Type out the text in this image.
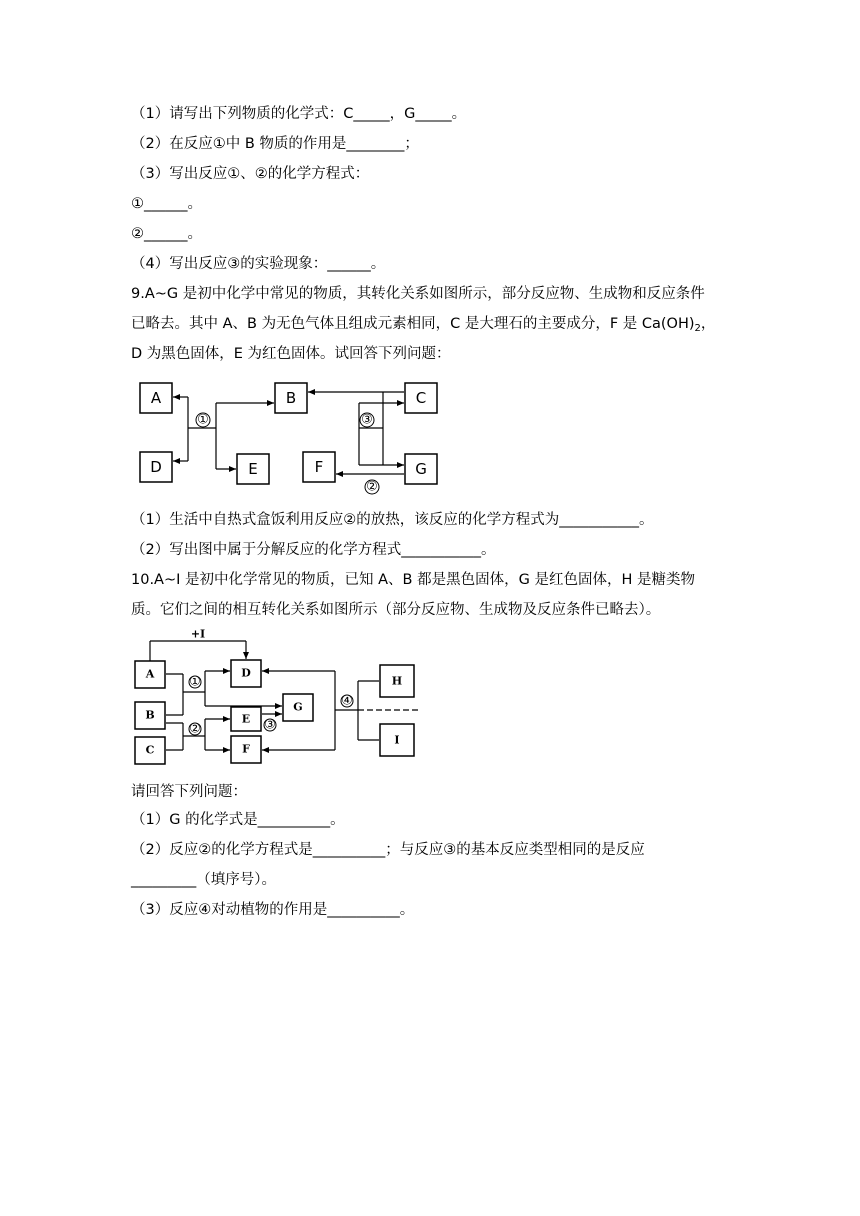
（1）请写出下列物质的化学式：C_____，G_____。
（2）在反应①中 B 物质的作用是________；
（3）写出反应①、②的化学方程式：
①______。
②______。
（4）写出反应③的实验现象：______。
9.A~G 是初中化学中常见的物质，其转化关系如图所示，部分反应物、生成物和反应条件
已略去。其中 A、B 为无色气体且组成元素相同，C 是大理石的主要成分，F 是 $Ca(OH)_2$，
D 为黑色固体，E 为红色固体。试回答下列问题：
A	B	C
D	E	F	G
①	③
②
（1）生活中自热式盒饭利用反应②的放热，该反应的化学方程式为___________。
（2）写出图中属于分解反应的化学方程式___________。
10.A~I 是初中化学常见的物质，已知 A、B 都是黑色固体，G 是红色固体，H 是糖类物
质。它们之间的相互转化关系如图所示（部分反应物、生成物及反应条件已略去）。
A
B
C
D
E
F
G
H
I
+I
①
②	③
④
请回答下列问题：
（1）G 的化学式是__________。
（2）反应②的化学方程式是__________；与反应③的基本反应类型相同的是反应
_________（填序号）。
（3）反应④对动植物的作用是__________。
